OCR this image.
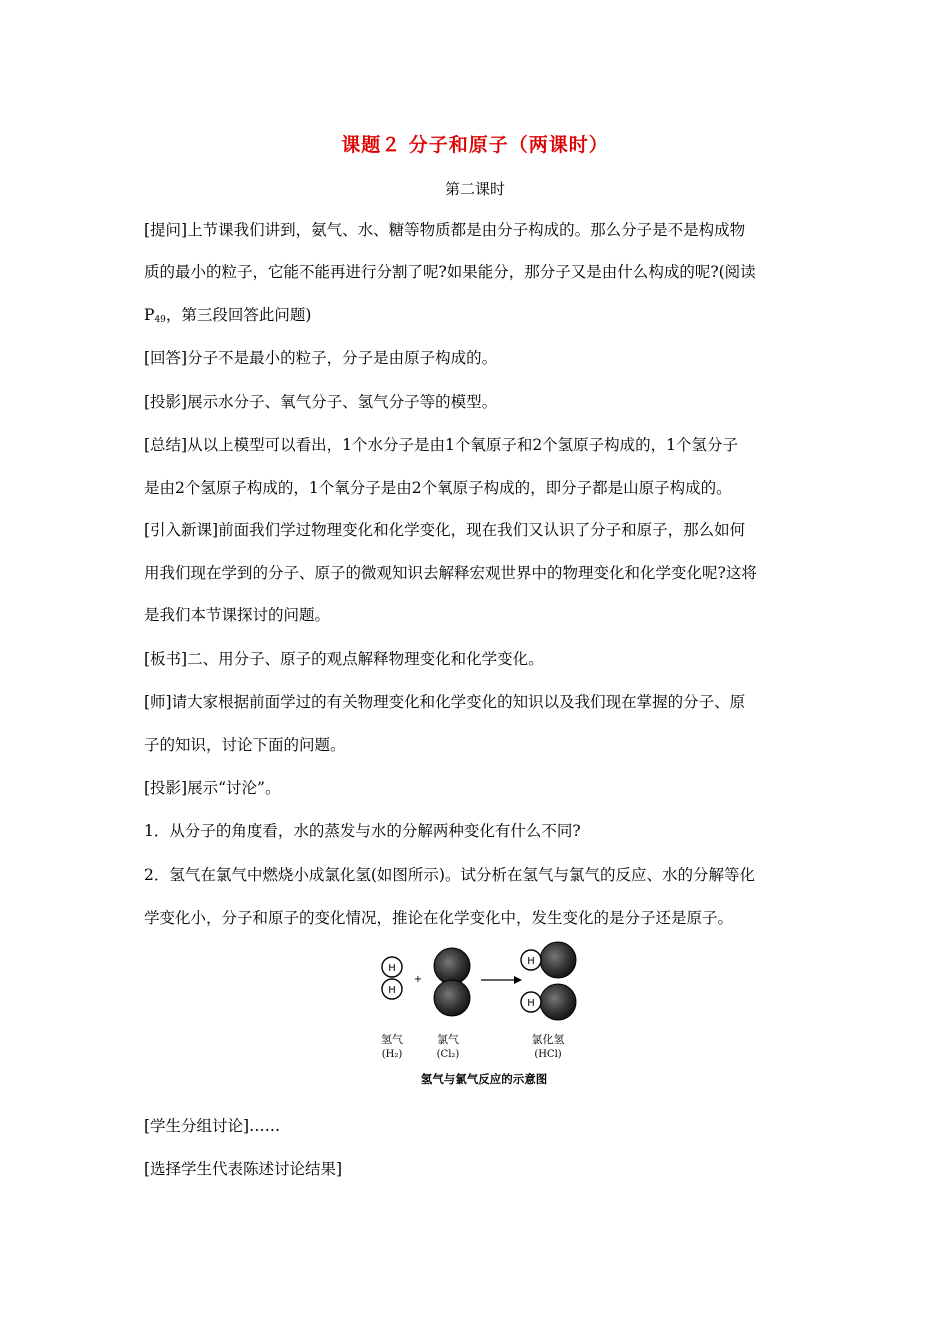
课题２ 分子和原子（两课时）
第二课时
[提问]上节课我们讲到，氨气、水、糖等物质都是由分子构成的。那么分子是不是构成物
质的最小的粒子，它能不能再进行分割了呢?如果能分，那分子又是由什么构成的呢?(阅读
$P_{49}$，第三段回答此问题)
[回答]分子不是最小的粒子，分子是由原子构成的。
[投影]展示水分子、氧气分子、氢气分子等的模型。
[总结]从以上模型可以看出，1个水分子是由1个氧原子和2个氢原子构成的，1个氢分子
是由2个氢原子构成的，1个氧分子是由2个氧原子构成的，即分子都是山原子构成的。
[引入新课]前面我们学过物理变化和化学变化，现在我们又认识了分子和原子，那么如何
用我们现在学到的分子、原子的微观知识去解释宏观世界中的物理变化和化学变化呢?这将
是我们本节课探讨的问题。
[板书]二、用分子、原子的观点解释物理变化和化学变化。
[师]请大家根据前面学过的有关物理变化和化学变化的知识以及我们现在掌握的分子、原
子的知识，讨论下面的问题。
[投影]展示“讨沦”。
1．从分子的角度看，水的蒸发与水的分解两种变化有什么不同?
2．氢气在氯气中燃烧小成氯化氢(如图所示)。试分析在氢气与氯气的反应、水的分解等化
学变化小，分子和原子的变化情况，推论在化学变化中，发生变化的是分子还是原子。
H
H
+
H
H
氢气
(H₂)
氯气
(Cl₂)
氯化氢
(HCl)
氢气与氯气反应的示意图
[学生分组讨论]……
[选择学生代表陈述讨论结果]
